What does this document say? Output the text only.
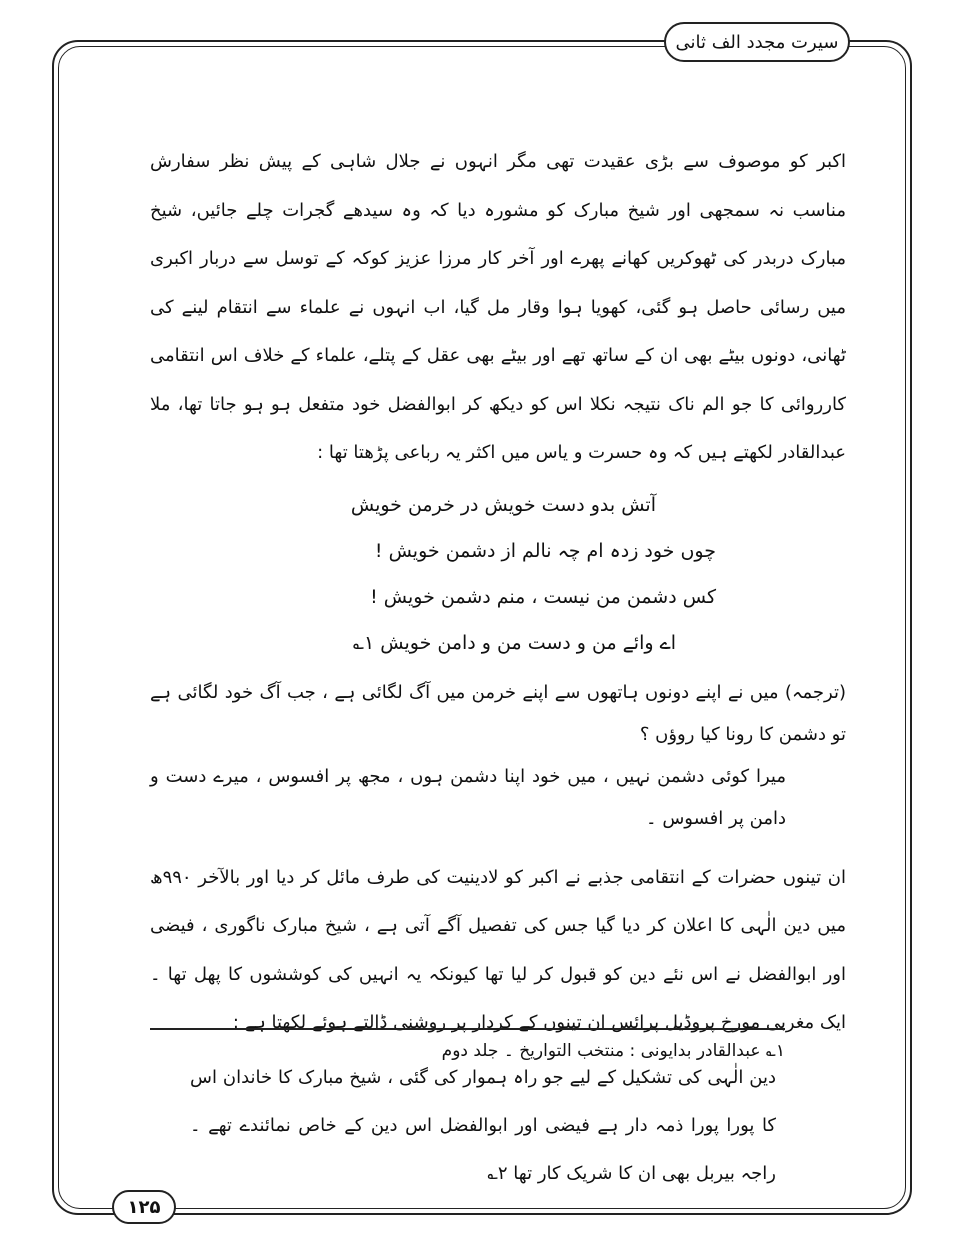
سیرت مجدد الف ثانی

اکبر کو موصوف سے بڑی عقیدت تھی مگر انہوں نے جلال شاہی کے پیش نظر سفارش مناسب نہ سمجھی اور شیخ مبارک کو مشورہ دیا کہ وہ سیدھے گجرات چلے جائیں، شیخ مبارک دربدر کی ٹھوکریں کھانے پھرے اور آخر کار مرزا عزیز کوکہ کے توسل سے دربار اکبری میں رسائی حاصل ہو گئی، کھویا ہوا وقار مل گیا، اب انہوں نے علماء سے انتقام لینے کی ٹھانی، دونوں بیٹے بھی ان کے ساتھ تھے اور بیٹے بھی عقل کے پتلے، علماء کے خلاف اس انتقامی کارروائی کا جو الم ناک نتیجہ نکلا اس کو دیکھ کر ابوالفضل خود متفعل ہو ہو جاتا تھا، ملا عبدالقادر لکھتے ہیں کہ وہ حسرت و یاس میں اکثر یہ رباعی پڑھتا تھا :

آتش بدو دست خویش در خرمن خویش

چوں خود زدہ ام چہ نالم از دشمن خویش !

کس دشمن من نیست ، منم دشمن خویش !

اے وائے من و دست من و دامن خویش ۱؎

(ترجمہ) میں نے اپنے دونوں ہاتھوں سے اپنے خرمن میں آگ لگائی ہے ، جب آگ خود لگائی ہے تو دشمن کا رونا کیا روؤں ؟

میرا کوئی دشمن نہیں ، میں خود اپنا دشمن ہوں ، مجھ پر افسوس ، میرے دست و دامن پر افسوس ۔

ان تینوں حضرات کے انتقامی جذبے نے اکبر کو لادینیت کی طرف مائل کر دیا اور بالآخر ۹۹۰ھ میں دین الٰہی کا اعلان کر دیا گیا جس کی تفصیل آگے آتی ہے ، شیخ مبارک ناگوری ، فیضی اور ابوالفضل نے اس نئے دین کو قبول کر لیا تھا کیونکہ یہ انہیں کی کوششوں کا پھل تھا ۔ ایک مغربی مورخ پروڈیل پرائس ان تینوں کے کردار پر روشنی ڈالتے ہوئے لکھتا ہے :

دین الٰہی کی تشکیل کے لیے جو راہ ہموار کی گئی ، شیخ مبارک کا خاندان اس کا پورا پورا ذمہ دار ہے فیضی اور ابوالفضل اس دین کے خاص نمائندے تھے ۔ راجہ بیربل بھی ان کا شریک کار تھا ۲؎

۱؎ عبدالقادر بدایونی : منتخب التواریخ ۔ جلد دوم
۱۲۵
